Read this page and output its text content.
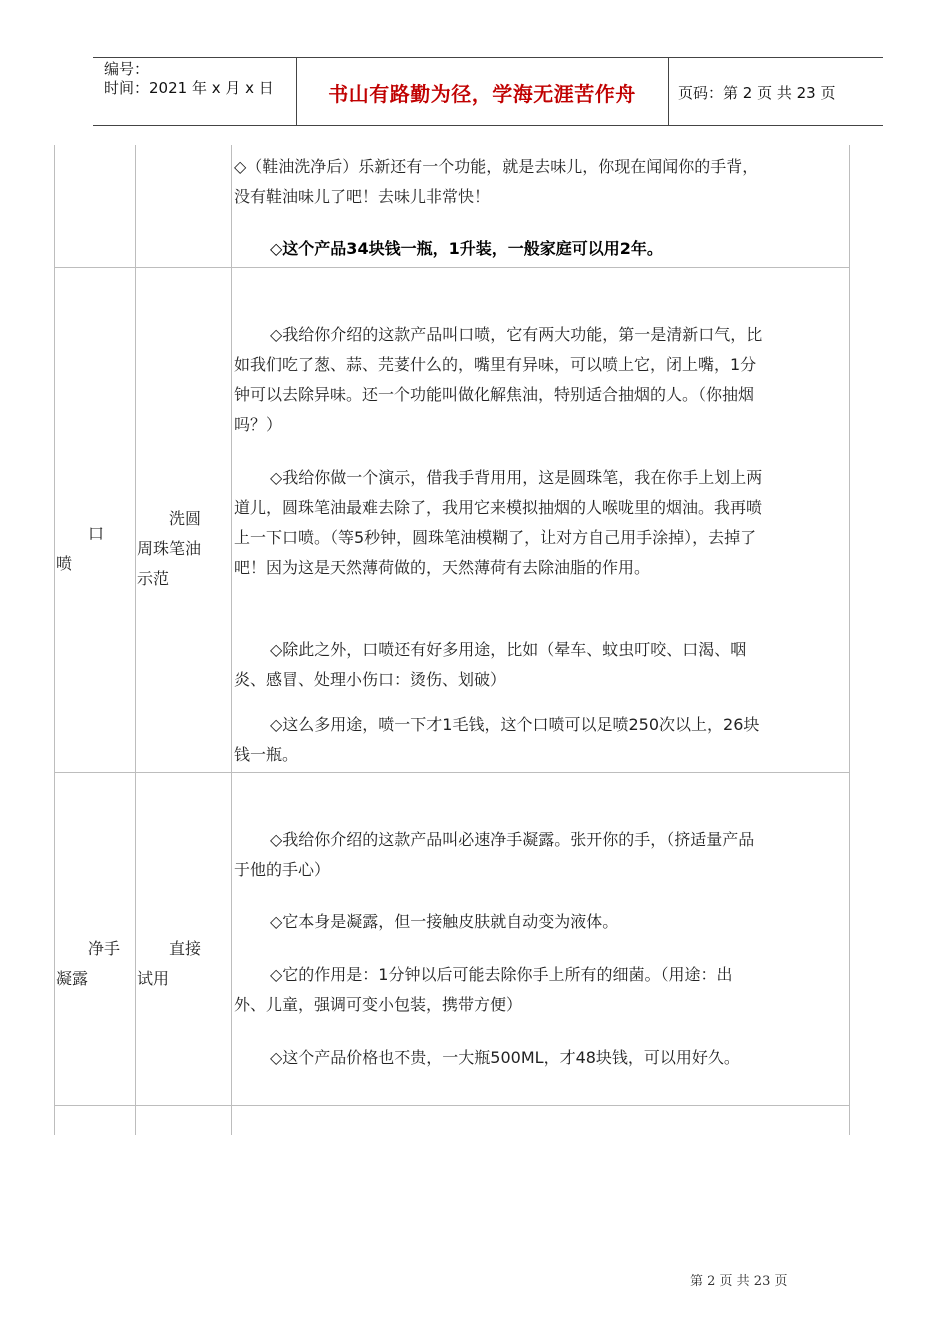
编号：
时间：2021 年 x 月 x 日	书山有路勤为径，学海无涯苦作舟	页码：第 2 页 共 23 页
◇（鞋油洗净后）乐新还有一个功能，就是去味儿，你现在闻闻你的手背，没有鞋油味儿了吧！去味儿非常快！
◇这个产品34块钱一瓶，1升装，一般家庭可以用2年。
口喷
洗圆周珠笔油示范
◇我给你介绍的这款产品叫口喷，它有两大功能，第一是清新口气，比如我们吃了葱、蒜、芫荽什么的，嘴里有异味，可以喷上它，闭上嘴，1分钟可以去除异味。还一个功能叫做化解焦油，特别适合抽烟的人。（你抽烟吗？）
◇我给你做一个演示，借我手背用用，这是圆珠笔，我在你手上划上两道儿，圆珠笔油最难去除了，我用它来模拟抽烟的人喉咙里的烟油。我再喷上一下口喷。（等5秒钟，圆珠笔油模糊了，让对方自己用手涂掉），去掉了吧！因为这是天然薄荷做的，天然薄荷有去除油脂的作用。
◇除此之外，口喷还有好多用途，比如（晕车、蚊虫叮咬、口渴、咽炎、感冒、处理小伤口：烫伤、划破）
◇这么多用途，喷一下才1毛钱，这个口喷可以足喷250次以上，26块钱一瓶。
净手凝露
直接试用
◇我给你介绍的这款产品叫必速净手凝露。张开你的手，（挤适量产品于他的手心）
◇它本身是凝露，但一接触皮肤就自动变为液体。
◇它的作用是：1分钟以后可能去除你手上所有的细菌。（用途：出外、儿童，强调可变小包装，携带方便）
◇这个产品价格也不贵，一大瓶500ML，才48块钱，可以用好久。
第 2 页 共 23 页
